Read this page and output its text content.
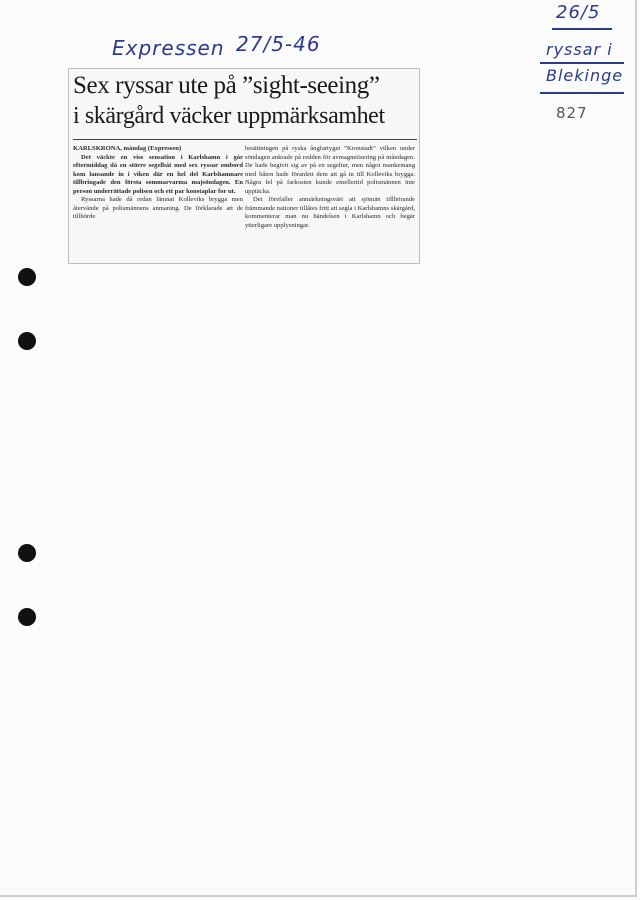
Expressen 27/5-46
26/5
ryssar i
Blekinge
827
Sex ryssar ute på ”sight-seeing”
i skärgård väcker uppmärksamhet

KARLSKRONA, måndag (Expressen)

Det väckte en viss sensation i Karlshamn i går eftermiddag då en större segelbåt med sex ryssar ombord kom lansande in i viken där en hel del Karlshamnare tillbringade den första sommarvarma majsöndagen. En person underrättade polisen och ett par konstaplar for ut.

Ryssarna hade då redan lämnat Kolleviks brygga men återvände på polismännens anmaning. De förklarade att de tillhörde

besättningen på ryska ångfartyget ”Kronstadt” vilken under söndagen ankrade på redden för avmagnetisering på måndagen. De hade begivit sig av på en segeltur, men något mankemang med båten hade föranlett dem att gå in till Kolleviks brygga. Några fel på farkosten kunde emellertid polismännen inte upptäcka.

Det förefaller anmärkningsvärt att sjömän tillhörande främmande nationer tillåtes fritt att segla i Karlshamns skärgård, kommenterar man nu händelsen i Karlshamn och begär ytterligare upplysningar.
